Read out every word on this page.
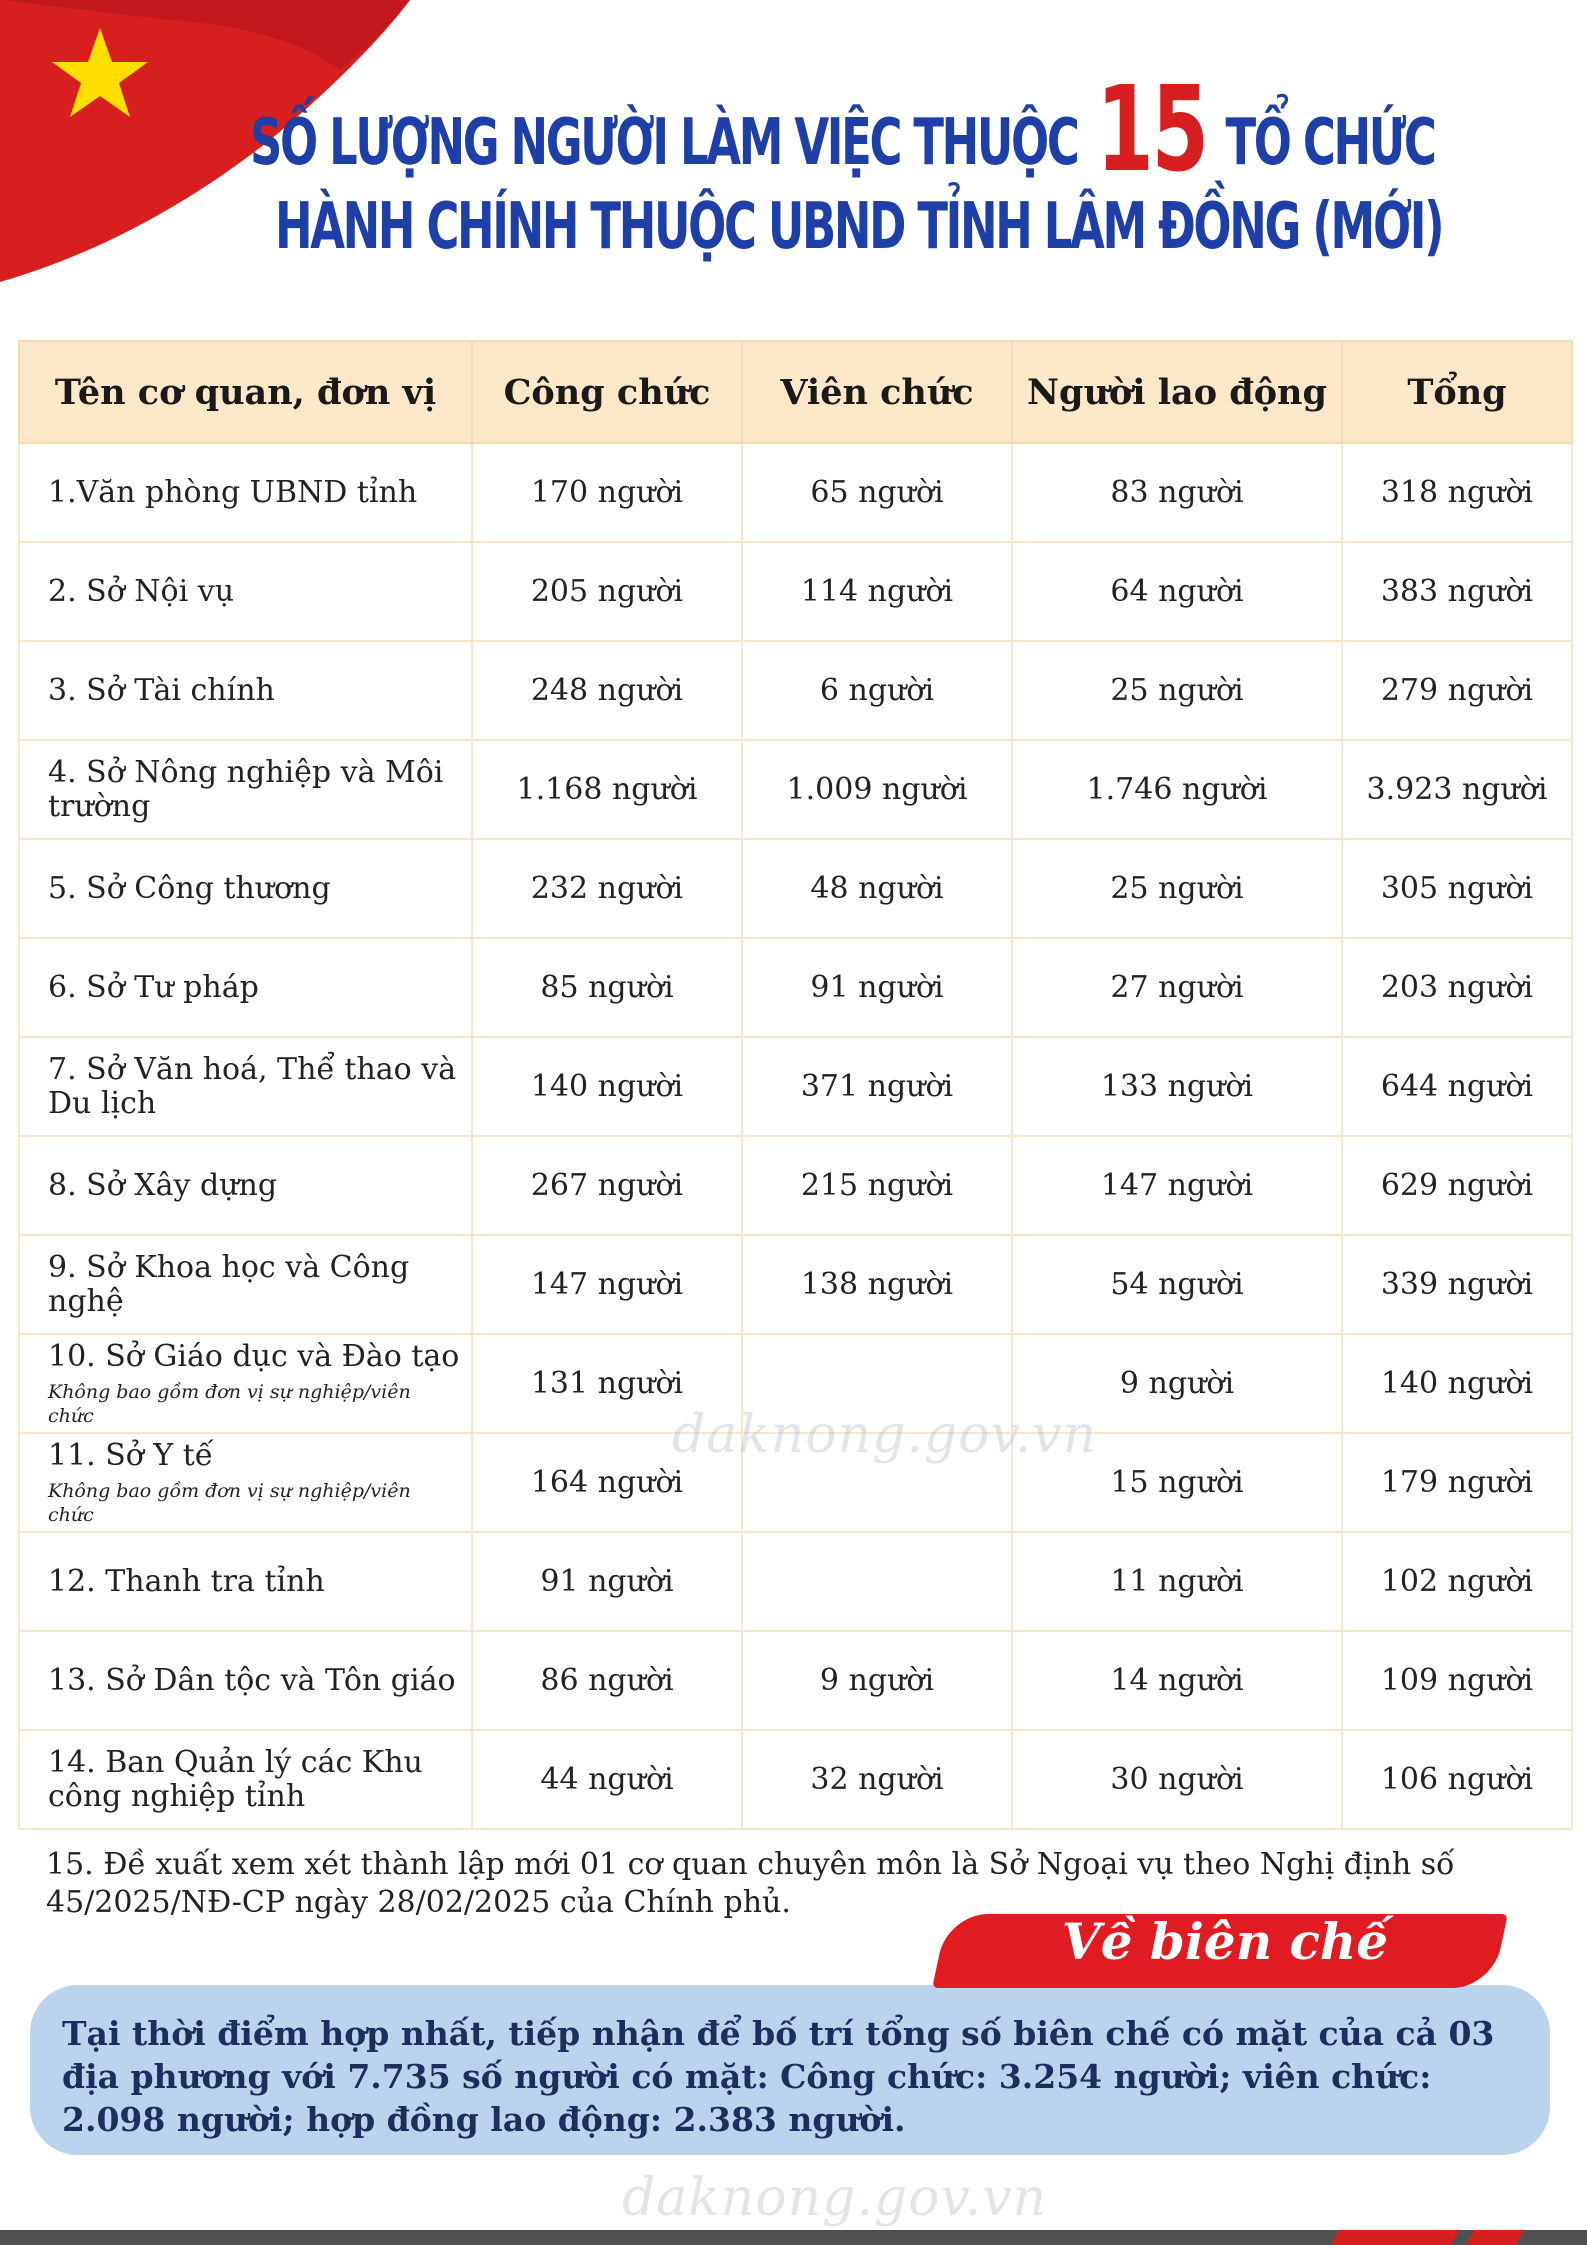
SỐ LƯỢNG NGƯỜI LÀM VIỆC THUỘC 15 TỔ CHỨC
HÀNH CHÍNH THUỘC UBND TỈNH LÂM ĐỒNG (MỚI)
Tên cơ quan, đơn vị	Công chức	Viên chức	Người lao động	Tổng
1.Văn phòng UBND tỉnh	170 người	65 người	83 người	318 người
2. Sở Nội vụ	205 người	114 người	64 người	383 người
3. Sở Tài chính	248 người	6 người	25 người	279 người
4. Sở Nông nghiệp và Môi trường	1.168 người	1.009 người	1.746 người	3.923 người
5. Sở Công thương	232 người	48 người	25 người	305 người
6. Sở Tư pháp	85 người	91 người	27 người	203 người
7. Sở Văn hoá, Thể thao và Du lịch	140 người	371 người	133 người	644 người
8. Sở Xây dựng	267 người	215 người	147 người	629 người
9. Sở Khoa học và Công nghệ	147 người	138 người	54 người	339 người
10. Sở Giáo dục và Đào tạo
Không bao gồm đơn vị sự nghiệp/viên chức	131 người		9 người	140 người
11. Sở Y tế
Không bao gồm đơn vị sự nghiệp/viên chức	164 người		15 người	179 người
12. Thanh tra tỉnh	91 người		11 người	102 người
13. Sở Dân tộc và Tôn giáo	86 người	9 người	14 người	109 người
14. Ban Quản lý các Khu công nghiệp tỉnh	44 người	32 người	30 người	106 người
daknong.gov.vn
15. Đề xuất xem xét thành lập mới 01 cơ quan chuyên môn là Sở Ngoại vụ theo Nghị định số 45/2025/NĐ-CP ngày 28/02/2025 của Chính phủ.
Về biên chế
Tại thời điểm hợp nhất, tiếp nhận để bố trí tổng số biên chế có mặt của cả 03 địa phương với 7.735 số người có mặt: Công chức: 3.254 người; viên chức: 2.098 người; hợp đồng lao động: 2.383 người.
daknong.gov.vn
